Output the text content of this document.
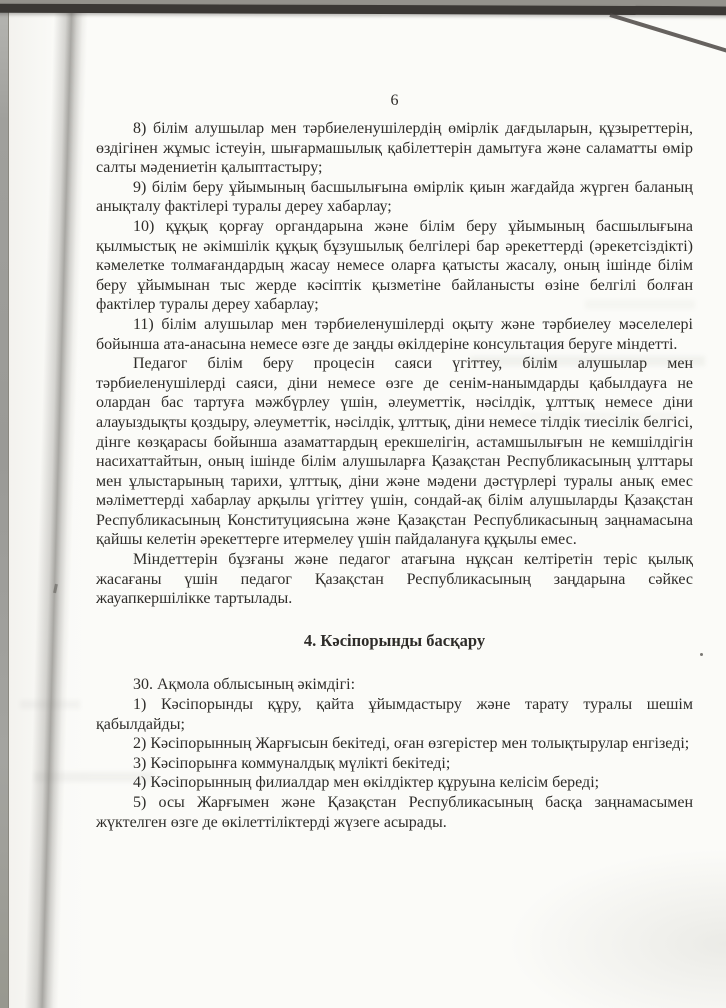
6
8) білім алушылар мен тәрбиеленушілердің өмірлік дағдыларын, құзыреттерін, өздігінен жұмыс істеуін, шығармашылық қабілеттерін дамытуға және саламатты өмір салты мәдениетін қалыптастыру;
9) білім беру ұйымының басшылығына өмірлік қиын жағдайда жүрген баланың анықталу фактілері туралы дереу хабарлау;
10) құқық қорғау органдарына және білім беру ұйымының басшылығына қылмыстық не әкімшілік құқық бұзушылық белгілері бар әрекеттерді (әрекетсіздікті) кәмелетке толмағандардың жасау немесе оларға қатысты жасалу, оның ішінде білім беру ұйымынан тыс жерде кәсіптік қызметіне байланысты өзіне белгілі болған фактілер туралы дереу хабарлау;
11) білім алушылар мен тәрбиеленушілерді оқыту және тәрбиелеу мәселелері бойынша ата-анасына немесе өзге де заңды өкілдеріне консультация беруге міндетті.
Педагог білім беру процесін саяси үгіттеу, білім алушылар мен тәрбиеленушілерді саяси, діни немесе өзге де сенім-нанымдарды қабылдауға не олардан бас тартуға мәжбүрлеу үшін, әлеуметтік, нәсілдік, ұлттық немесе діни алауыздықты қоздыру, әлеуметтік, нәсілдік, ұлттық, діни немесе тілдік тиесілік белгісі, дінге көзқарасы бойынша азаматтардың ерекшелігін, астамшылығын не кемшілдігін насихаттайтын, оның ішінде білім алушыларға Қазақстан Республикасының ұлттары мен ұлыстарының тарихи, ұлттық, діни және мәдени дәстүрлері туралы анық емес мәліметтерді хабарлау арқылы үгіттеу үшін, сондай-ақ білім алушыларды Қазақстан Республикасының Конституциясына және Қазақстан Республикасының заңнамасына қайшы келетін әрекеттерге итермелеу үшін пайдалануға құқылы емес.
Міндеттерін бұзғаны және педагог атағына нұқсан келтіретін теріс қылық жасағаны үшін педагог Қазақстан Республикасының заңдарына сәйкес жауапкершілікке тартылады.
4. Кәсіпорынды басқару
30. Ақмола облысының әкімдігі:
1) Кәсіпорынды құру, қайта ұйымдастыру және тарату туралы шешім қабылдайды;
2) Кәсіпорынның Жарғысын бекітеді, оған өзгерістер мен толықтырулар енгізеді;
3) Кәсіпорынға коммуналдық мүлікті бекітеді;
4) Кәсіпорынның филиалдар мен өкілдіктер құруына келісім береді;
5) осы Жарғымен және Қазақстан Республикасының басқа заңнамасымен жүктелген өзге де өкілеттіліктерді жүзеге асырады.
